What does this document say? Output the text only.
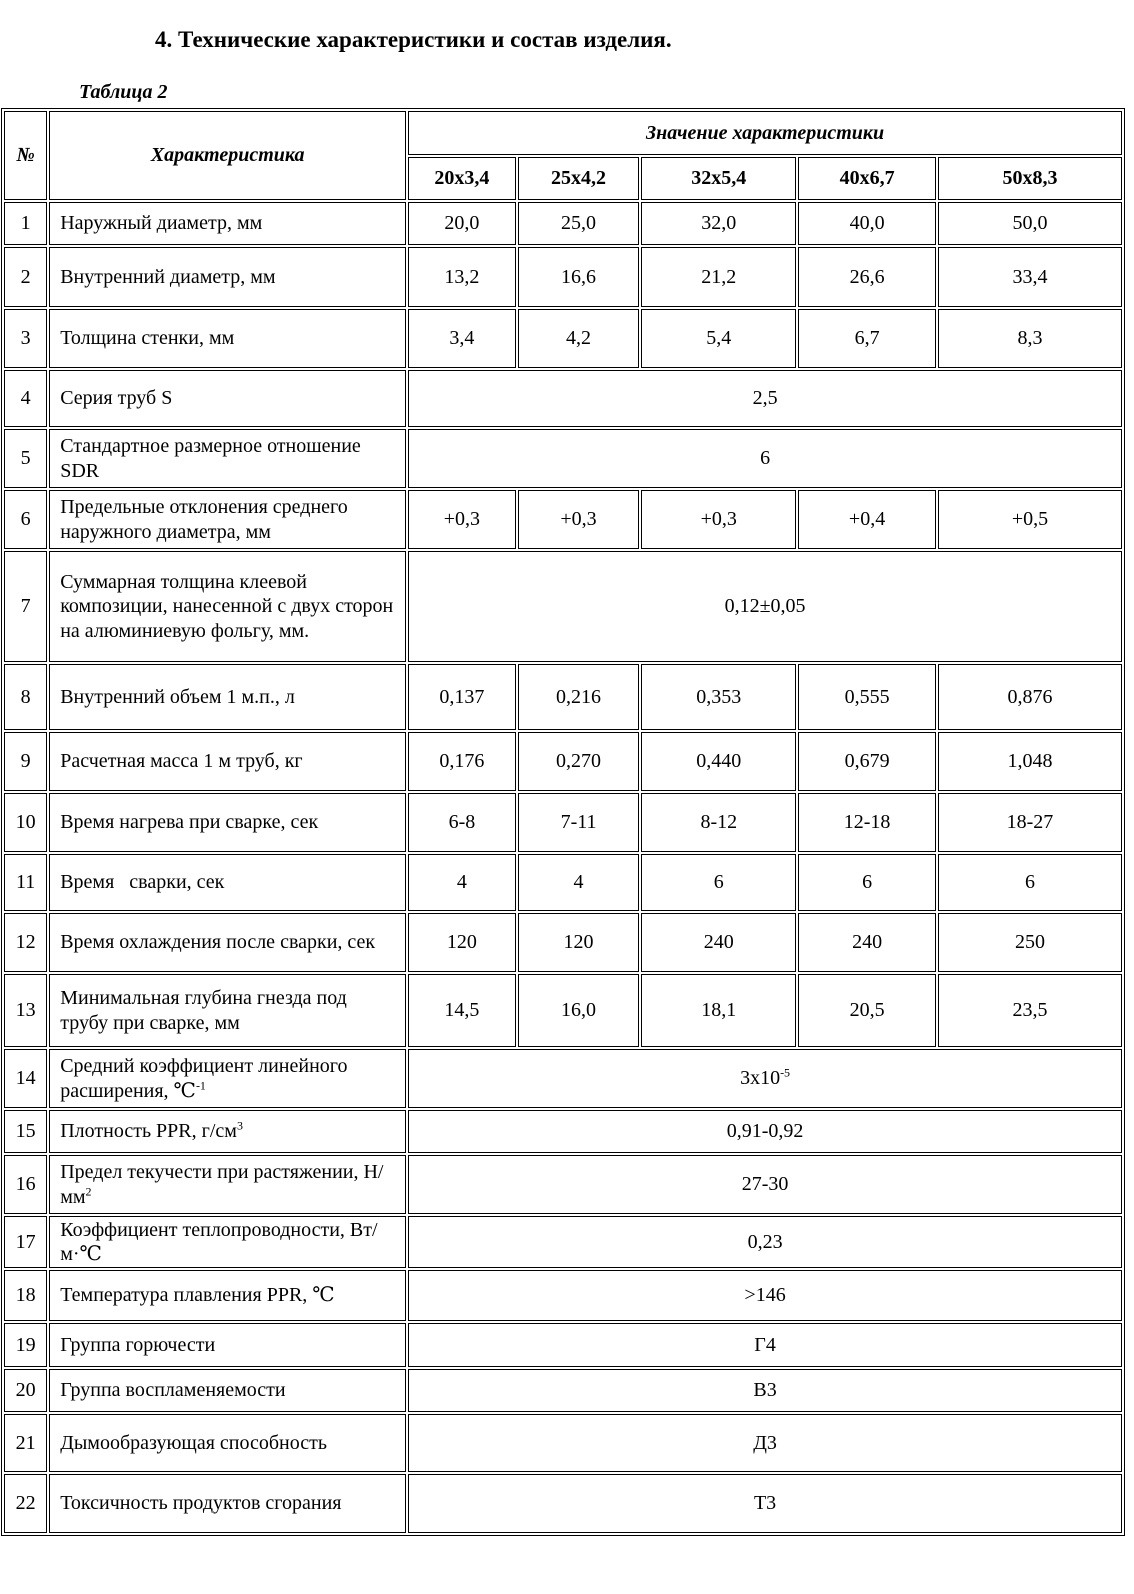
4. Технические характеристики и состав изделия.
Таблица 2
№	Характеристика	Значение характеристики				
		20х3,4	25х4,2	32х5,4	40х6,7	50х8,3
1	Наружный диаметр, мм	20,0	25,0	32,0	40,0	50,0
2	Внутренний диаметр, мм	13,2	16,6	21,2	26,6	33,4
3	Толщина стенки, мм	3,4	4,2	5,4	6,7	8,3
4	Серия труб S	2,5				
5	Стандартное размерное отношение SDR	6				
6	Предельные отклонения среднего наружного диаметра, мм	+0,3	+0,3	+0,3	+0,4	+0,5
7	Суммарная толщина клеевой композиции, нанесенной с двух сторон на алюминиевую фольгу, мм.	0,12±0,05				
8	Внутренний объем 1 м.п., л	0,137	0,216	0,353	0,555	0,876
9	Расчетная масса 1 м труб, кг	0,176	0,270	0,440	0,679	1,048
10	Время нагрева при сварке, сек	6-8	7-11	8-12	12-18	18-27
11	Время   сварки, сек	4	4	6	6	6
12	Время охлаждения после сварки, сек	120	120	240	240	250
13	Минимальная глубина гнезда под трубу при сварке, мм	14,5	16,0	18,1	20,5	23,5
14	Средний коэффициент линейного расширения, ℃$^{-1}$	$3х10^{-5}$
15	Плотность PPR, $г/см^3$	0,91-0,92				
16	Предел текучести при растяжении, $Н/мм^2$	27-30				
17	Коэффициент теплопроводности, Вт/м·℃	0,23				
18	Температура плавления PPR, ℃	>146				
19	Группа горючести	Г4				
20	Группа воспламеняемости	В3				
21	Дымообразующая способность	Д3				
22	Токсичность продуктов сгорания	Т3				
